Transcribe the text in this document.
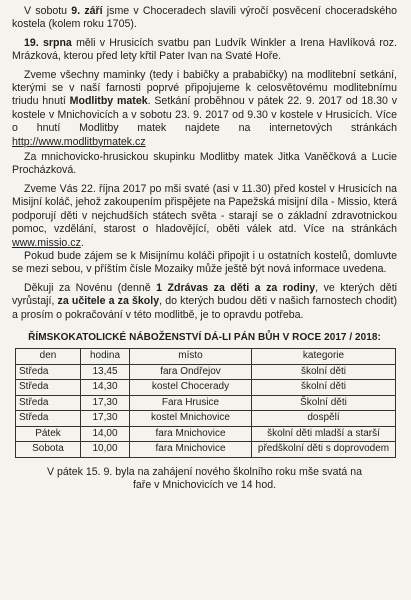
V sobotu 9. září jsme v Choceradech slavili výročí posvěcení choceradského kostela (kolem roku 1705).

19. srpna měli v Hrusicích svatbu pan Ludvík Winkler a Irena Havlíková roz. Mrázková, kterou před lety křtil Pater Ivan na Svaté Hoře.

Zveme všechny maminky (tedy i babičky a prababičky) na modlitební setkání, kterými se v naší farnosti poprvé připojujeme k celosvětovému modlitebnímu triudu hnutí Modlitby matek. Setkání proběhnou v pátek 22. 9. 2017 od 18.30 v kostele v Mnichovicích a v sobotu 23. 9. 2017 od 9.30 v kostele v Hrusicích. Více o hnutí Modlitby matek najdete na internetových stránkách http://www.modlitbymatek.cz

Za mnichovicko-hrusickou skupinku Modlitby matek Jitka Vaněčková a Lucie Procházková.

Zveme Vás 22. října 2017 po mši svaté (asi v 11.30) před kostel v Hrusicích na Misijní koláč, jehož zakoupením přispějete na Papežská misijní díla - Missio, která podporují děti v nejchudších státech světa - starají se o základní zdravotnickou pomoc, vzdělání, starost o hladovějící, oběti válek atd. Více na stránkách www.missio.cz.

Pokud bude zájem se k Misijnímu koláči připojit i u ostatních kostelů, domluvte se mezi sebou, v příštím čísle Mozaiky může ještě být nová informace uvedena.

Děkuji za Novénu (denně 1 Zdrávas za děti a za rodiny, ve kterých děti vyrůstají, za učitele a za školy, do kterých budou děti v našich farnostech chodit) a prosím o pokračování v této modlitbě, je to opravdu potřeba.

ŘÍMSKOKATOLICKÉ NÁBOŽENSTVÍ DÁ-LI PÁN BŮH V ROCE 2017 / 2018:
den	hodina	místo	kategorie
Středa	13,45	fara Ondřejov	školní děti
Středa	14,30	kostel Chocerady	školní děti
Středa	17,30	Fara Hrusice	Školní děti
Středa	17,30	kostel Mnichovice	dospělí
Pátek	14,00	fara Mnichovice	školní děti mladší a starší
Sobota	10,00	fara Mnichovice	předškolní děti s doprovodem

V pátek 15. 9. byla na zahájení nového školního roku mše svatá na faře v Mnichovicích ve 14 hod.
